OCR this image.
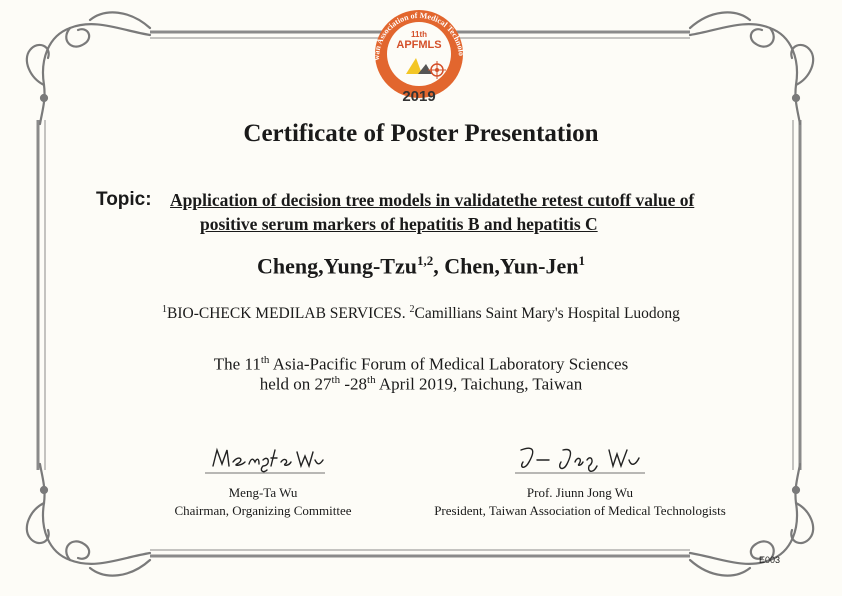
wan Association of Medical Technolo
11th
APFMLS
2019
Certificate of Poster Presentation
Topic: Application of decision tree models in validatethe retest cutoff value of
positive serum markers of hepatitis B and hepatitis C
Cheng,Yung-Tzu$^{1,2}$, Chen,Yun-Jen$^1$
$^1$BIO-CHECK MEDILAB SERVICES. $^2$Camillians Saint Mary's Hospital Luodong
The 11th Asia-Pacific Forum of Medical Laboratory Sciences
held on 27th -28th April 2019, Taichung, Taiwan
Meng-Ta Wu
Chairman, Organizing Committee
Prof. Jiunn Jong Wu
President, Taiwan Association of Medical Technologists
E003
